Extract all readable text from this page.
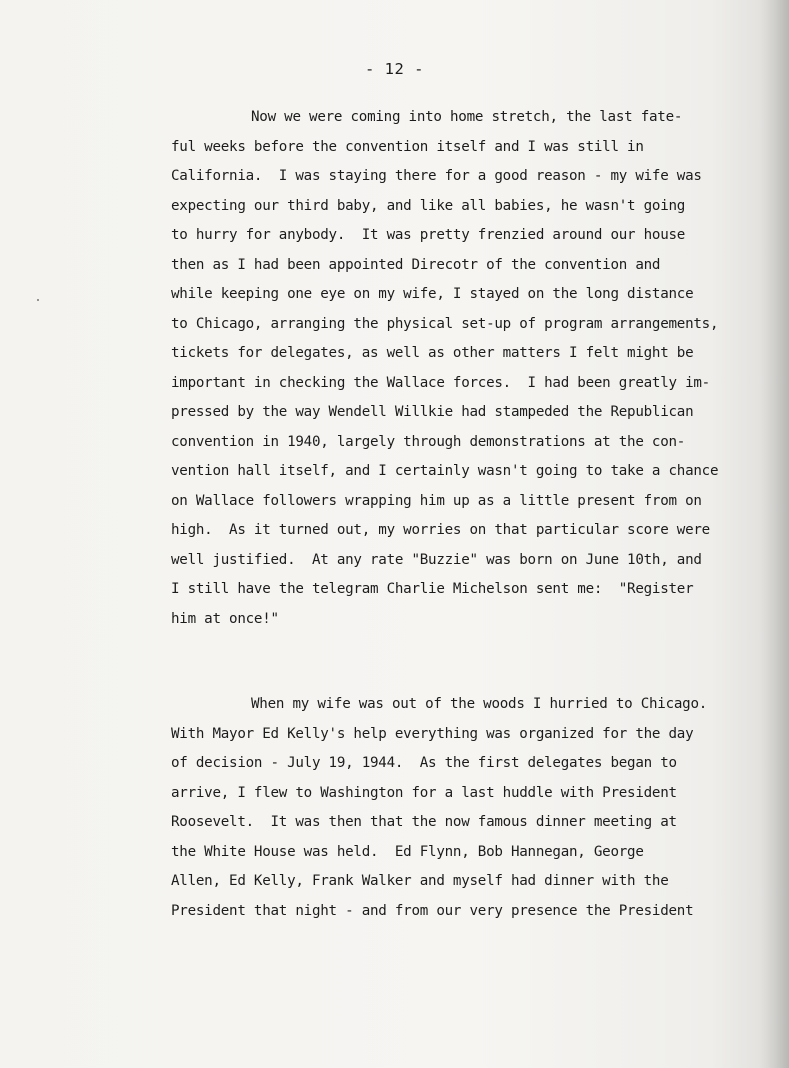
- 12 -
Now we were coming into home stretch, the last fate-
ful weeks before the convention itself and I was still in
California.  I was staying there for a good reason - my wife was
expecting our third baby, and like all babies, he wasn't going
to hurry for anybody.  It was pretty frenzied around our house
then as I had been appointed Direcotr of the convention and
while keeping one eye on my wife, I stayed on the long distance
to Chicago, arranging the physical set-up of program arrangements,
tickets for delegates, as well as other matters I felt might be
important in checking the Wallace forces.  I had been greatly im-
pressed by the way Wendell Willkie had stampeded the Republican
convention in 1940, largely through demonstrations at the con-
vention hall itself, and I certainly wasn't going to take a chance
on Wallace followers wrapping him up as a little present from on
high.  As it turned out, my worries on that particular score were
well justified.  At any rate "Buzzie" was born on June 10th, and
I still have the telegram Charlie Michelson sent me:  "Register
him at once!"
When my wife was out of the woods I hurried to Chicago.
With Mayor Ed Kelly's help everything was organized for the day
of decision - July 19, 1944.  As the first delegates began to
arrive, I flew to Washington for a last huddle with President
Roosevelt.  It was then that the now famous dinner meeting at
the White House was held.  Ed Flynn, Bob Hannegan, George
Allen, Ed Kelly, Frank Walker and myself had dinner with the
President that night - and from our very presence the President
